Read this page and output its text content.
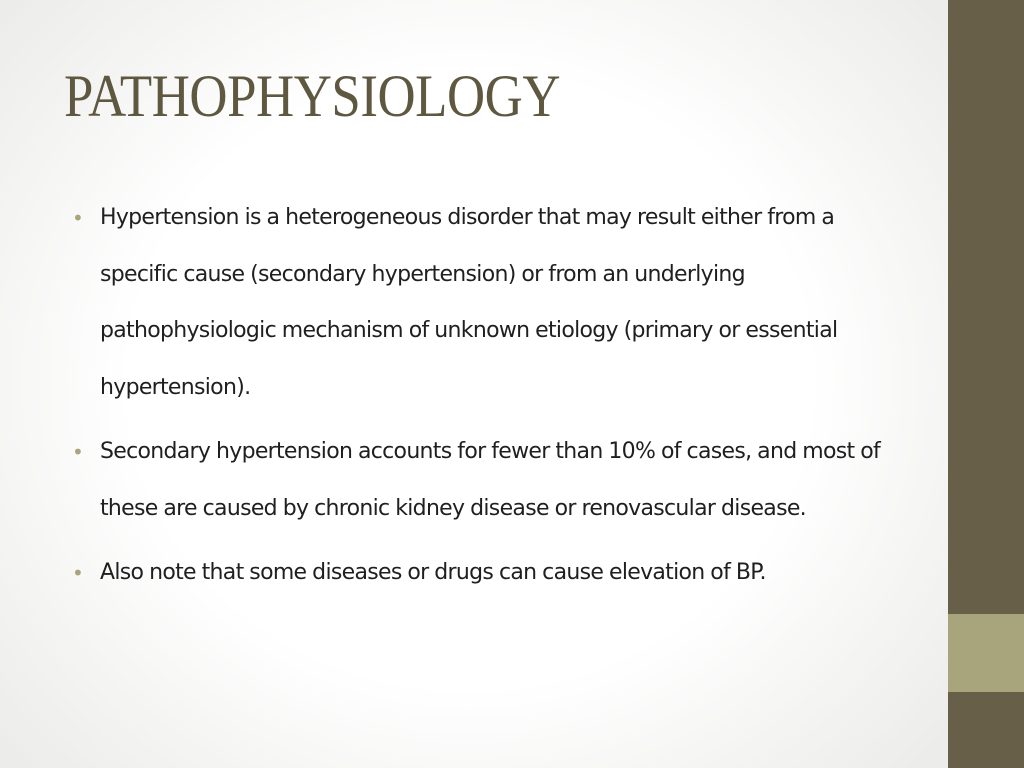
PATHOPHYSIOLOGY
• Hypertension is a heterogeneous disorder that may result either from a specific cause (secondary hypertension) or from an underlying pathophysiologic mechanism of unknown etiology (primary or essential hypertension).
• Secondary hypertension accounts for fewer than 10% of cases, and most of these are caused by chronic kidney disease or renovascular disease.
• Also note that some diseases or drugs can cause elevation of BP.
